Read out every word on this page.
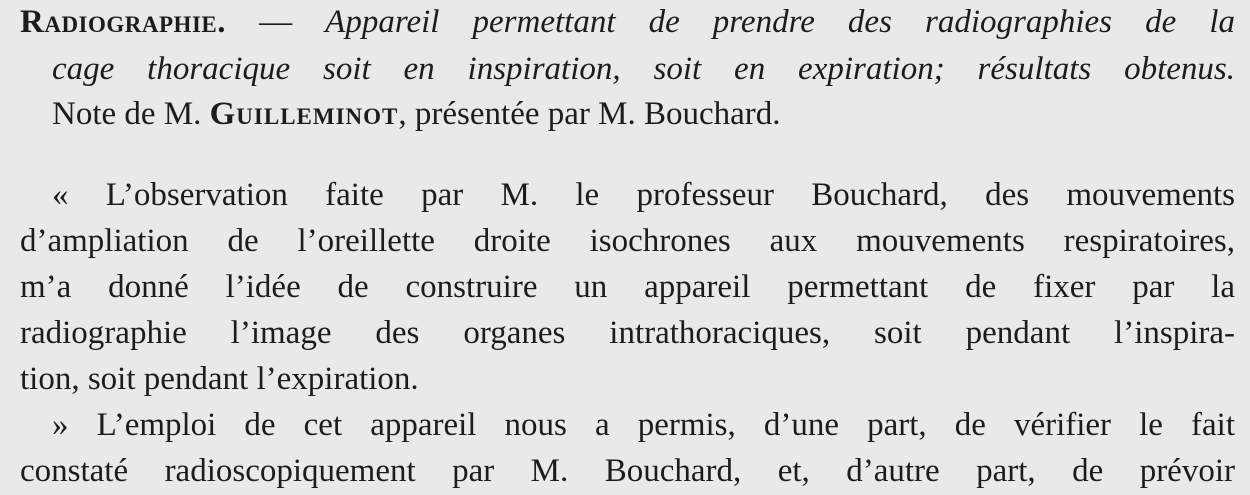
Radiographie. — Appareil permettant de prendre des radiographies de la
cage thoracique soit en inspiration, soit en expiration; résultats obtenus.
Note de M. Guilleminot, présentée par M. Bouchard.
« L’observation faite par M. le professeur Bouchard, des mouvements
d’ampliation de l’oreillette droite isochrones aux mouvements respiratoires,
m’a donné l’idée de construire un appareil permettant de fixer par la
radiographie l’image des organes intrathoraciques, soit pendant l’inspira-
tion, soit pendant l’expiration.
» L’emploi de cet appareil nous a permis, d’une part, de vérifier le fait
constaté radioscopiquement par M. Bouchard, et, d’autre part, de prévoir
